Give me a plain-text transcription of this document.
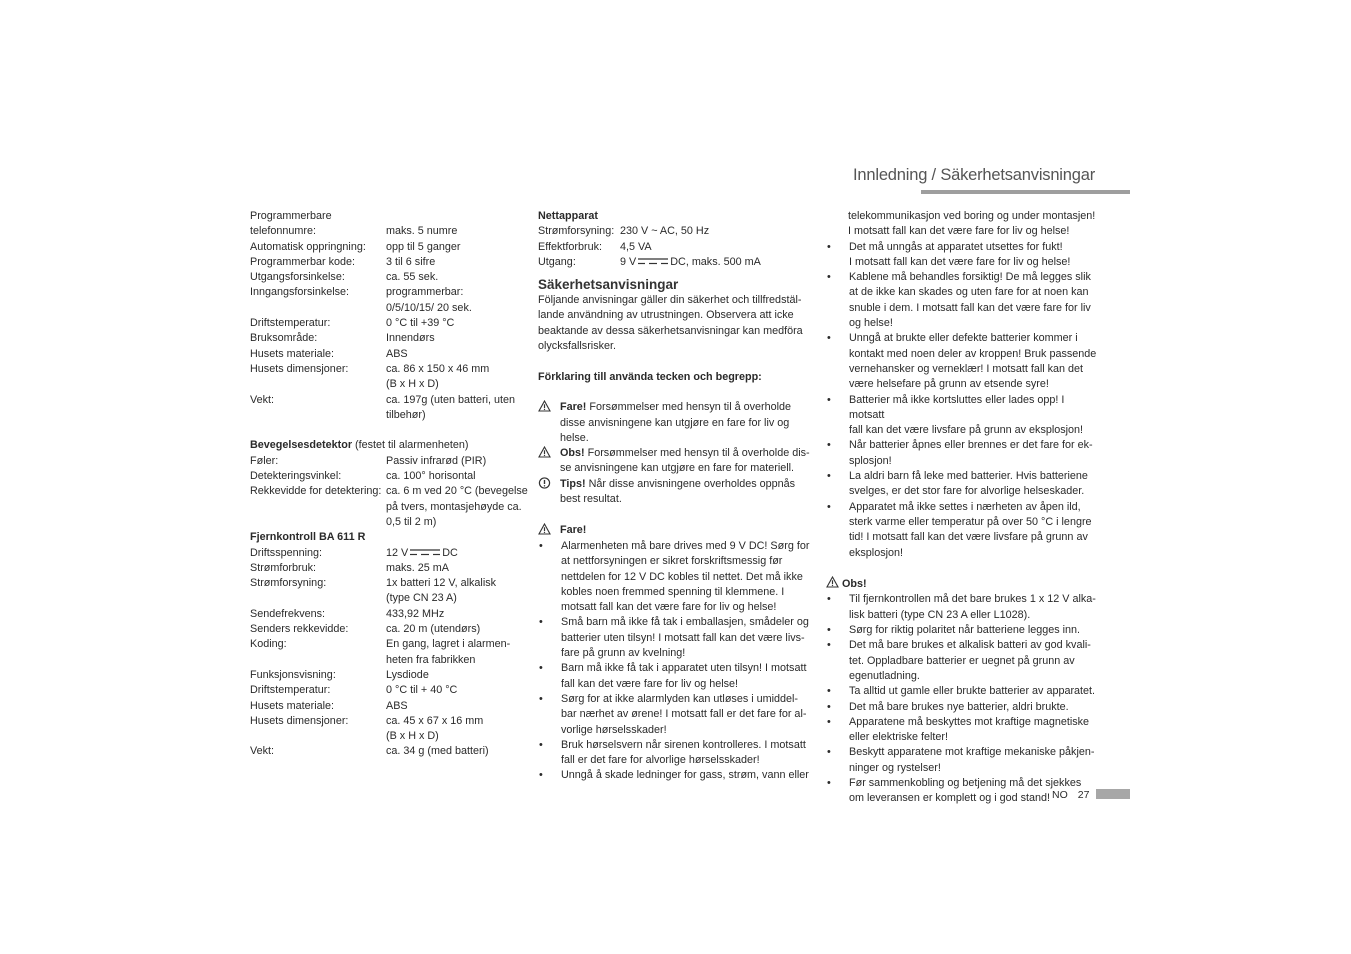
Innledning / Säkerhetsanvisningar
Programmerbare
telefonnumre:	maks. 5 numre
Automatisk oppringning:	opp til 5 ganger
Programmerbar kode:	3 til 6 sifre
Utgangsforsinkelse:	ca. 55 sek.
Inngangsforsinkelse:	programmerbar:
0/5/10/15/ 20 sek.
Driftstemperatur:	0 °C til +39 °C
Bruksområde:	Innendørs
Husets materiale:	ABS
Husets dimensjoner:	ca. 86 x 150 x 46 mm
(B x H x D)
Vekt:	ca. 197g (uten batteri, uten
tilbehør)
Bevegelsesdetektor (festet til alarmenheten)
Føler:	Passiv infrarød (PIR)
Detekteringsvinkel:	ca. 100° horisontal
Rekkevidde for detektering: ca. 6 m ved 20 °C (bevegelse
på tvers, montasjehøyde ca.
0,5 til 2 m)
Fjernkontroll BA 611 R
Driftsspenning:	12 V	DC
Strømforbruk:	maks. 25 mA
Strømforsyning:	1x batteri 12 V, alkalisk
(type CN 23 A)
Sendefrekvens:	433,92 MHz
Senders rekkevidde:	ca. 20 m (utendørs)
Koding:	En gang, lagret i alarmen-
heten fra fabrikken
Funksjonsvisning:	Lysdiode
Driftstemperatur:	0 °C til + 40 °C
Husets materiale:	ABS
Husets dimensjoner:	ca. 45 x 67 x 16 mm
(B x H x D)
Vekt:	ca. 34 g (med batteri)
Nettapparat
Strømforsyning: 230 V ~ AC, 50 Hz
Effektforbruk:	4,5 VA
Utgang:	9 V	DC, maks. 500 mA
Säkerhetsanvisningar
Följande anvisningar gäller din säkerhet och tillfredstäl-
lande användning av utrustningen. Observera att icke
beaktande av dessa säkerhetsanvisningar kan medföra
olycksfallsrisker.
Förklaring till använda tecken och begrepp:
Fare! Forsømmelser med hensyn til å overholde
disse anvisningene kan utgjøre en fare for liv og
helse.
Obs! Forsømmelser med hensyn til å overholde dis-
se anvisningene kan utgjøre en fare for materiell.
Tips! Når disse anvisningene overholdes oppnås
best resultat.
Fare!
•	Alarmenheten må bare drives med 9 V DC! Sørg for
at nettforsyningen er sikret forskriftsmessig før
nettdelen for 12 V DC kobles til nettet. Det må ikke
kobles noen fremmed spenning til klemmene. I
motsatt fall kan det være fare for liv og helse!
•	Små barn må ikke få tak i emballasjen, smådeler og
batterier uten tilsyn! I motsatt fall kan det være livs-
fare på grunn av kvelning!
•	Barn må ikke få tak i apparatet uten tilsyn! I motsatt
fall kan det være fare for liv og helse!
•	Sørg for at ikke alarmlyden kan utløses i umiddel-
bar nærhet av ørene! I motsatt fall er det fare for al-
vorlige hørselsskader!
•	Bruk hørselsvern når sirenen kontrolleres. I motsatt
fall er det fare for alvorlige hørselsskader!
•	Unngå å skade ledninger for gass, strøm, vann eller
telekommunikasjon ved boring og under montasjen!
I motsatt fall kan det være fare for liv og helse!
•	Det må unngås at apparatet utsettes for fukt!
I motsatt fall kan det være fare for liv og helse!
•	Kablene må behandles forsiktig! De må legges slik
at de ikke kan skades og uten fare for at noen kan
snuble i dem. I motsatt fall kan det være fare for liv
og helse!
•	Unngå at brukte eller defekte batterier kommer i
kontakt med noen deler av kroppen! Bruk passende
vernehansker og verneklær! I motsatt fall kan det
være helsefare på grunn av etsende syre!
•	Batterier må ikke kortsluttes eller lades opp! I motsatt
fall kan det være livsfare på grunn av eksplosjon!
•	Når batterier åpnes eller brennes er det fare for ek-
splosjon!
•	La aldri barn få leke med batterier. Hvis batteriene
svelges, er det stor fare for alvorlige helseskader.
•	Apparatet må ikke settes i nærheten av åpen ild,
sterk varme eller temperatur på over 50 °C i lengre
tid! I motsatt fall kan det være livsfare på grunn av
eksplosjon!
Obs!
•	Til fjernkontrollen må det bare brukes 1 x 12 V alka-
lisk batteri (type CN 23 A eller L1028).
•	Sørg for riktig polaritet når batteriene legges inn.
•	Det må bare brukes et alkalisk batteri av god kvali-
tet. Oppladbare batterier er uegnet på grunn av
egenutladning.
•	Ta alltid ut gamle eller brukte batterier av apparatet.
•	Det må bare brukes nye batterier, aldri brukte.
•	Apparatene må beskyttes mot kraftige magnetiske
eller elektriske felter!
•	Beskytt apparatene mot kraftige mekaniske påkjen-
ninger og rystelser!
•	Før sammenkobling og betjening må det sjekkes
om leveransen er komplett og i god stand! NO 27
